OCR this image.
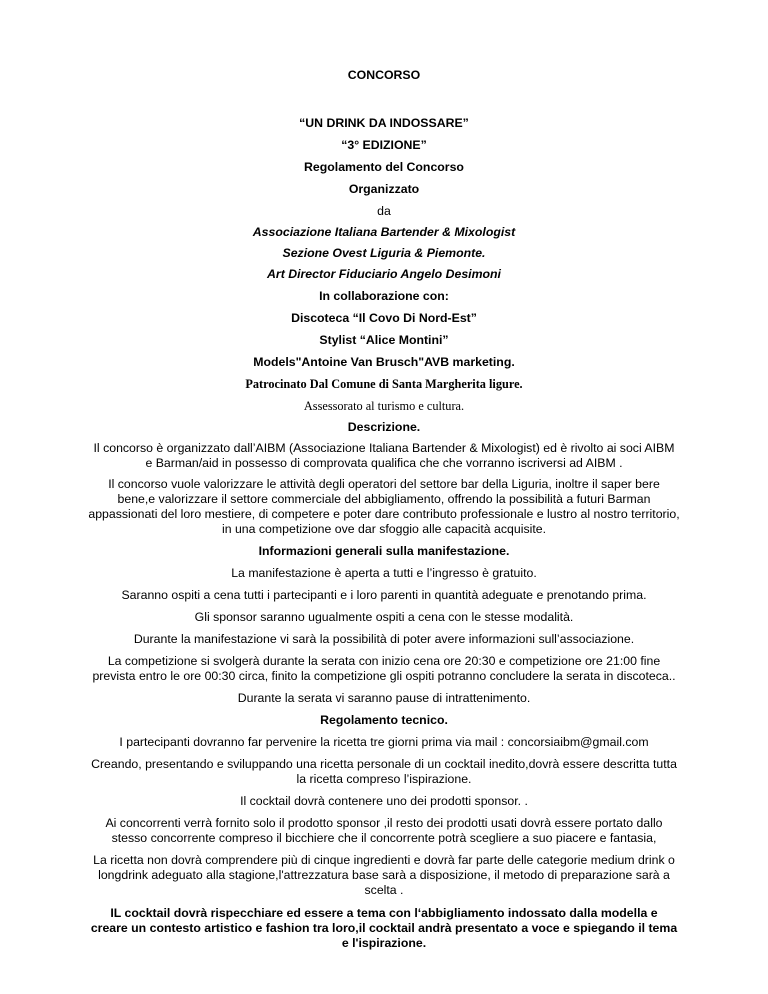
CONCORSO
“UN DRINK DA INDOSSARE”
“3° EDIZIONE”
Regolamento del Concorso
Organizzato
da
Associazione Italiana Bartender & Mixologist
Sezione Ovest Liguria & Piemonte.
Art Director Fiduciario Angelo Desimoni
In collaborazione con:
Discoteca “Il Covo Di Nord-Est”
Stylist “Alice Montini”
Models"Antoine Van Brusch"AVB marketing.
Patrocinato Dal Comune di Santa Margherita ligure.
Assessorato al turismo e cultura.
Descrizione.
Il concorso è organizzato dall’AIBM (Associazione Italiana Bartender & Mixologist) ed è rivolto ai soci AIBM
e Barman/aid in possesso di comprovata qualifica che che vorranno iscriversi ad AIBM .
Il concorso vuole valorizzare le attività degli operatori del settore bar della Liguria, inoltre il saper bere
bene,e valorizzare il settore commerciale del abbigliamento, offrendo la possibilità a futuri Barman
appassionati del loro mestiere, di competere e poter dare contributo professionale e lustro al nostro territorio,
in una competizione ove dar sfoggio alle capacità acquisite.
Informazioni generali sulla manifestazione.
La manifestazione è aperta a tutti e l’ingresso è gratuito.
Saranno ospiti a cena tutti i partecipanti e i loro parenti in quantità adeguate e prenotando prima.
Gli sponsor saranno ugualmente ospiti a cena con le stesse modalità.
Durante la manifestazione vi sarà la possibilità di poter avere informazioni sull’associazione.
La competizione si svolgerà durante la serata con inizio cena ore 20:30 e competizione ore 21:00 fine
prevista entro le ore 00:30 circa, finito la competizione gli ospiti potranno concludere la serata in discoteca..
Durante la serata vi saranno pause di intrattenimento.
Regolamento tecnico.
I partecipanti dovranno far pervenire la ricetta tre giorni prima via mail : concorsiaibm@gmail.com
Creando, presentando e sviluppando una ricetta personale di un cocktail inedito,dovrà essere descritta tutta
la ricetta compreso l’ispirazione.
Il cocktail dovrà contenere uno dei prodotti sponsor. .
Ai concorrenti verrà fornito solo il prodotto sponsor ,il resto dei prodotti usati dovrà essere portato dallo
stesso concorrente compreso il bicchiere che il concorrente potrà scegliere a suo piacere e fantasia,
La ricetta non dovrà comprendere più di cinque ingredienti e dovrà far parte delle categorie medium drink o
longdrink adeguato alla stagione,l'attrezzatura base sarà a disposizione, il metodo di preparazione sarà a
scelta .
IL cocktail dovrà rispecchiare ed essere a tema con l‘abbigliamento indossato dalla modella e
creare un contesto artistico e fashion tra loro,il cocktail andrà presentato a voce e spiegando il tema
e l'ispirazione.
